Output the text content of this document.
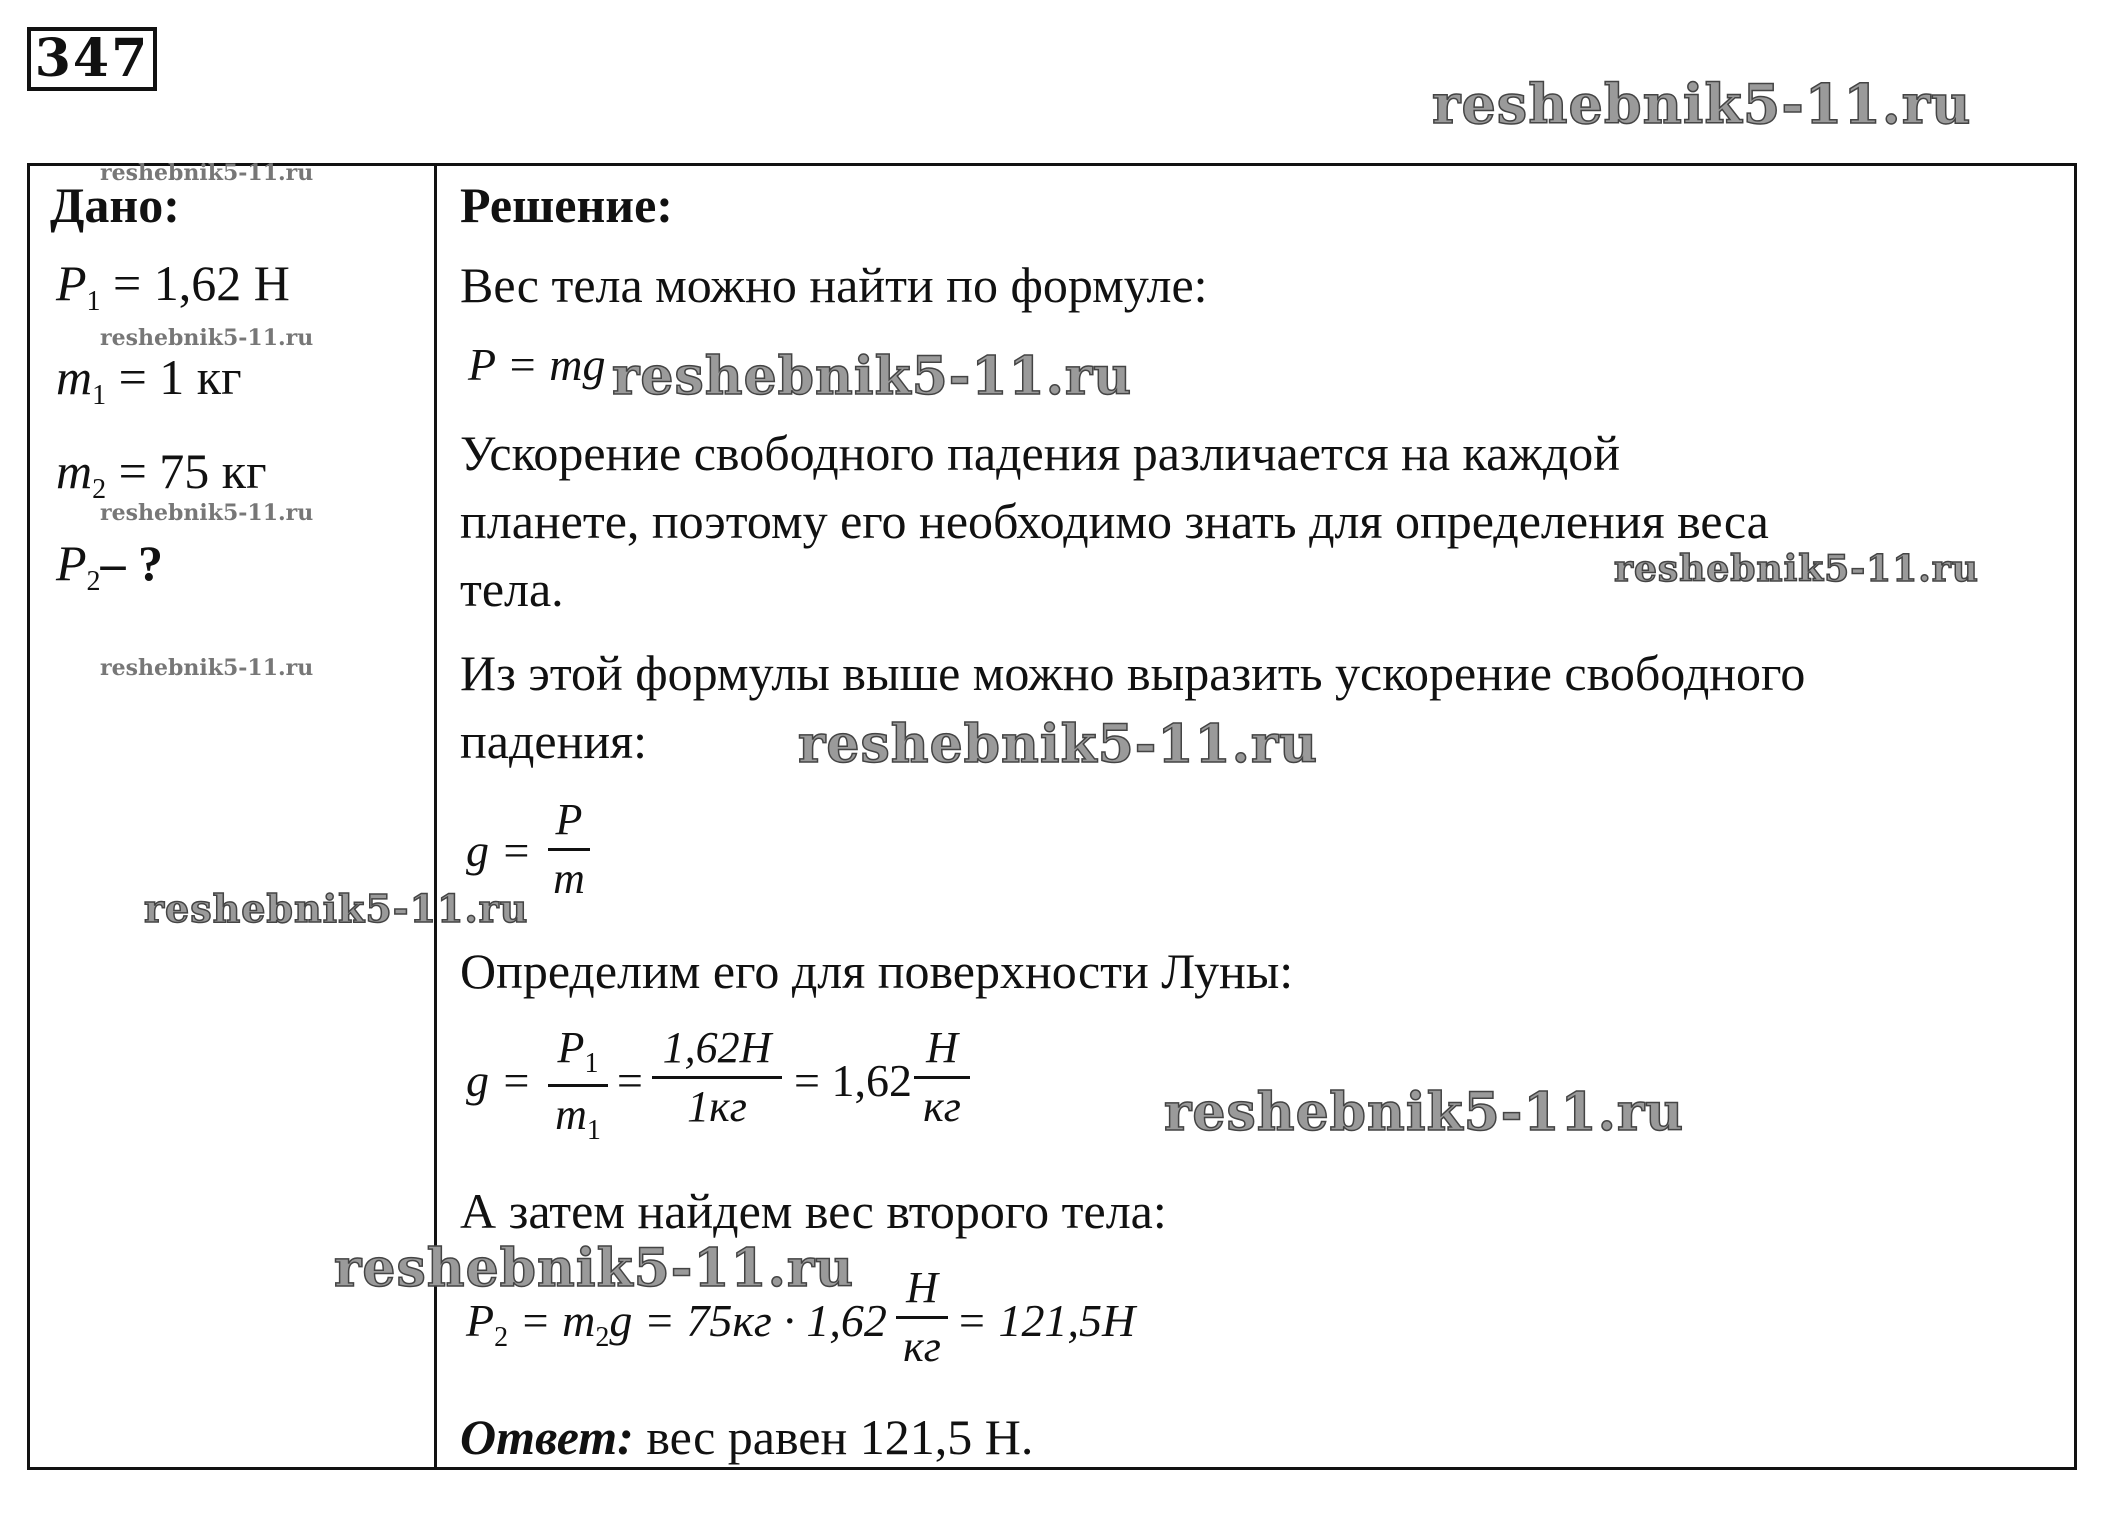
347
reshebnik5-11.ru
Дано:
$P_1 = 1,62$ Н
$m_1 = 1$ кг
$m_2 = 75$ кг
$P_2-$ ?
reshebnik5-11.ru
reshebnik5-11.ru
reshebnik5-11.ru
reshebnik5-11.ru
Решение:
Вес тела можно найти по формуле:
P = mg
Ускорение свободного падения различается на каждой
планете, поэтому его необходимо знать для определения веса
тела.
Из этой формулы выше можно выразить ускорение свободного
падения:
g =
P
m
Определим его для поверхности Луны:
g =
$P_1$
$m_1$
=
1,62H
1кг
= 1,62
H
кг
А затем найдем вес второго тела:
$P_2 = m_2g = 75кг \cdot 1,62$
H
кг
= 121,5H
Ответ: вес равен 121,5 Н.
reshebnik5-11.ru
reshebnik5-11.ru
reshebnik5-11.ru
reshebnik5-11.ru
reshebnik5-11.ru
reshebnik5-11.ru
